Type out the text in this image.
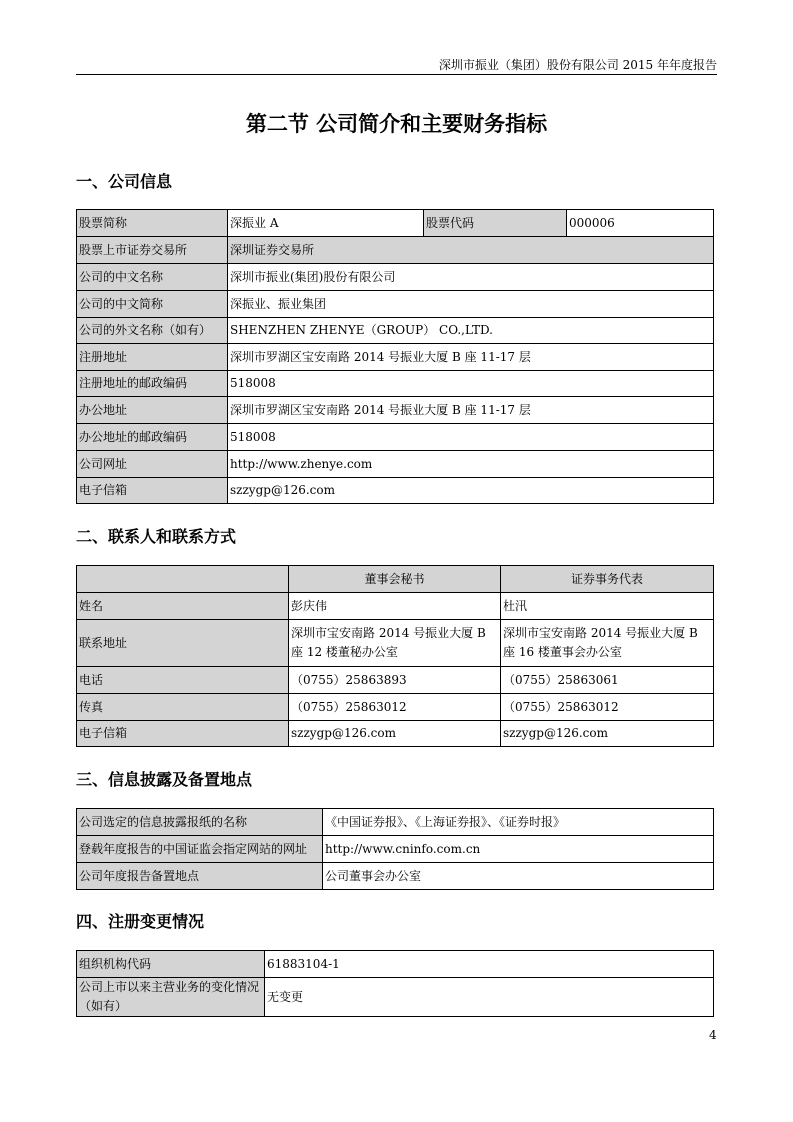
深圳市振业（集团）股份有限公司 2015 年年度报告
第二节 公司简介和主要财务指标
一、公司信息
股票简称	深振业 A	股票代码	000006
股票上市证券交易所	深圳证券交易所		
公司的中文名称	深圳市振业(集团)股份有限公司		
公司的中文简称	深振业、振业集团		
公司的外文名称（如有）	SHENZHEN ZHENYE（GROUP） CO.,LTD.		
注册地址	深圳市罗湖区宝安南路 2014 号振业大厦 B 座 11-17 层		
注册地址的邮政编码	518008		
办公地址	深圳市罗湖区宝安南路 2014 号振业大厦 B 座 11-17 层		
办公地址的邮政编码	518008		
公司网址	http://www.zhenye.com		
电子信箱	szzygp@126.com		
二、联系人和联系方式
	董事会秘书	证券事务代表
姓名	彭庆伟	杜汛
联系地址	深圳市宝安南路 2014 号振业大厦 B 座 12 楼董秘办公室	深圳市宝安南路 2014 号振业大厦 B 座 16 楼董事会办公室
电话	（0755）25863893	（0755）25863061
传真	（0755）25863012	（0755）25863012
电子信箱	szzygp@126.com	szzygp@126.com
三、信息披露及备置地点
公司选定的信息披露报纸的名称	《中国证券报》、《上海证券报》、《证券时报》
登载年度报告的中国证监会指定网站的网址	http://www.cninfo.com.cn
公司年度报告备置地点	公司董事会办公室
四、注册变更情况
组织机构代码	61883104-1
公司上市以来主营业务的变化情况（如有）	无变更
4
